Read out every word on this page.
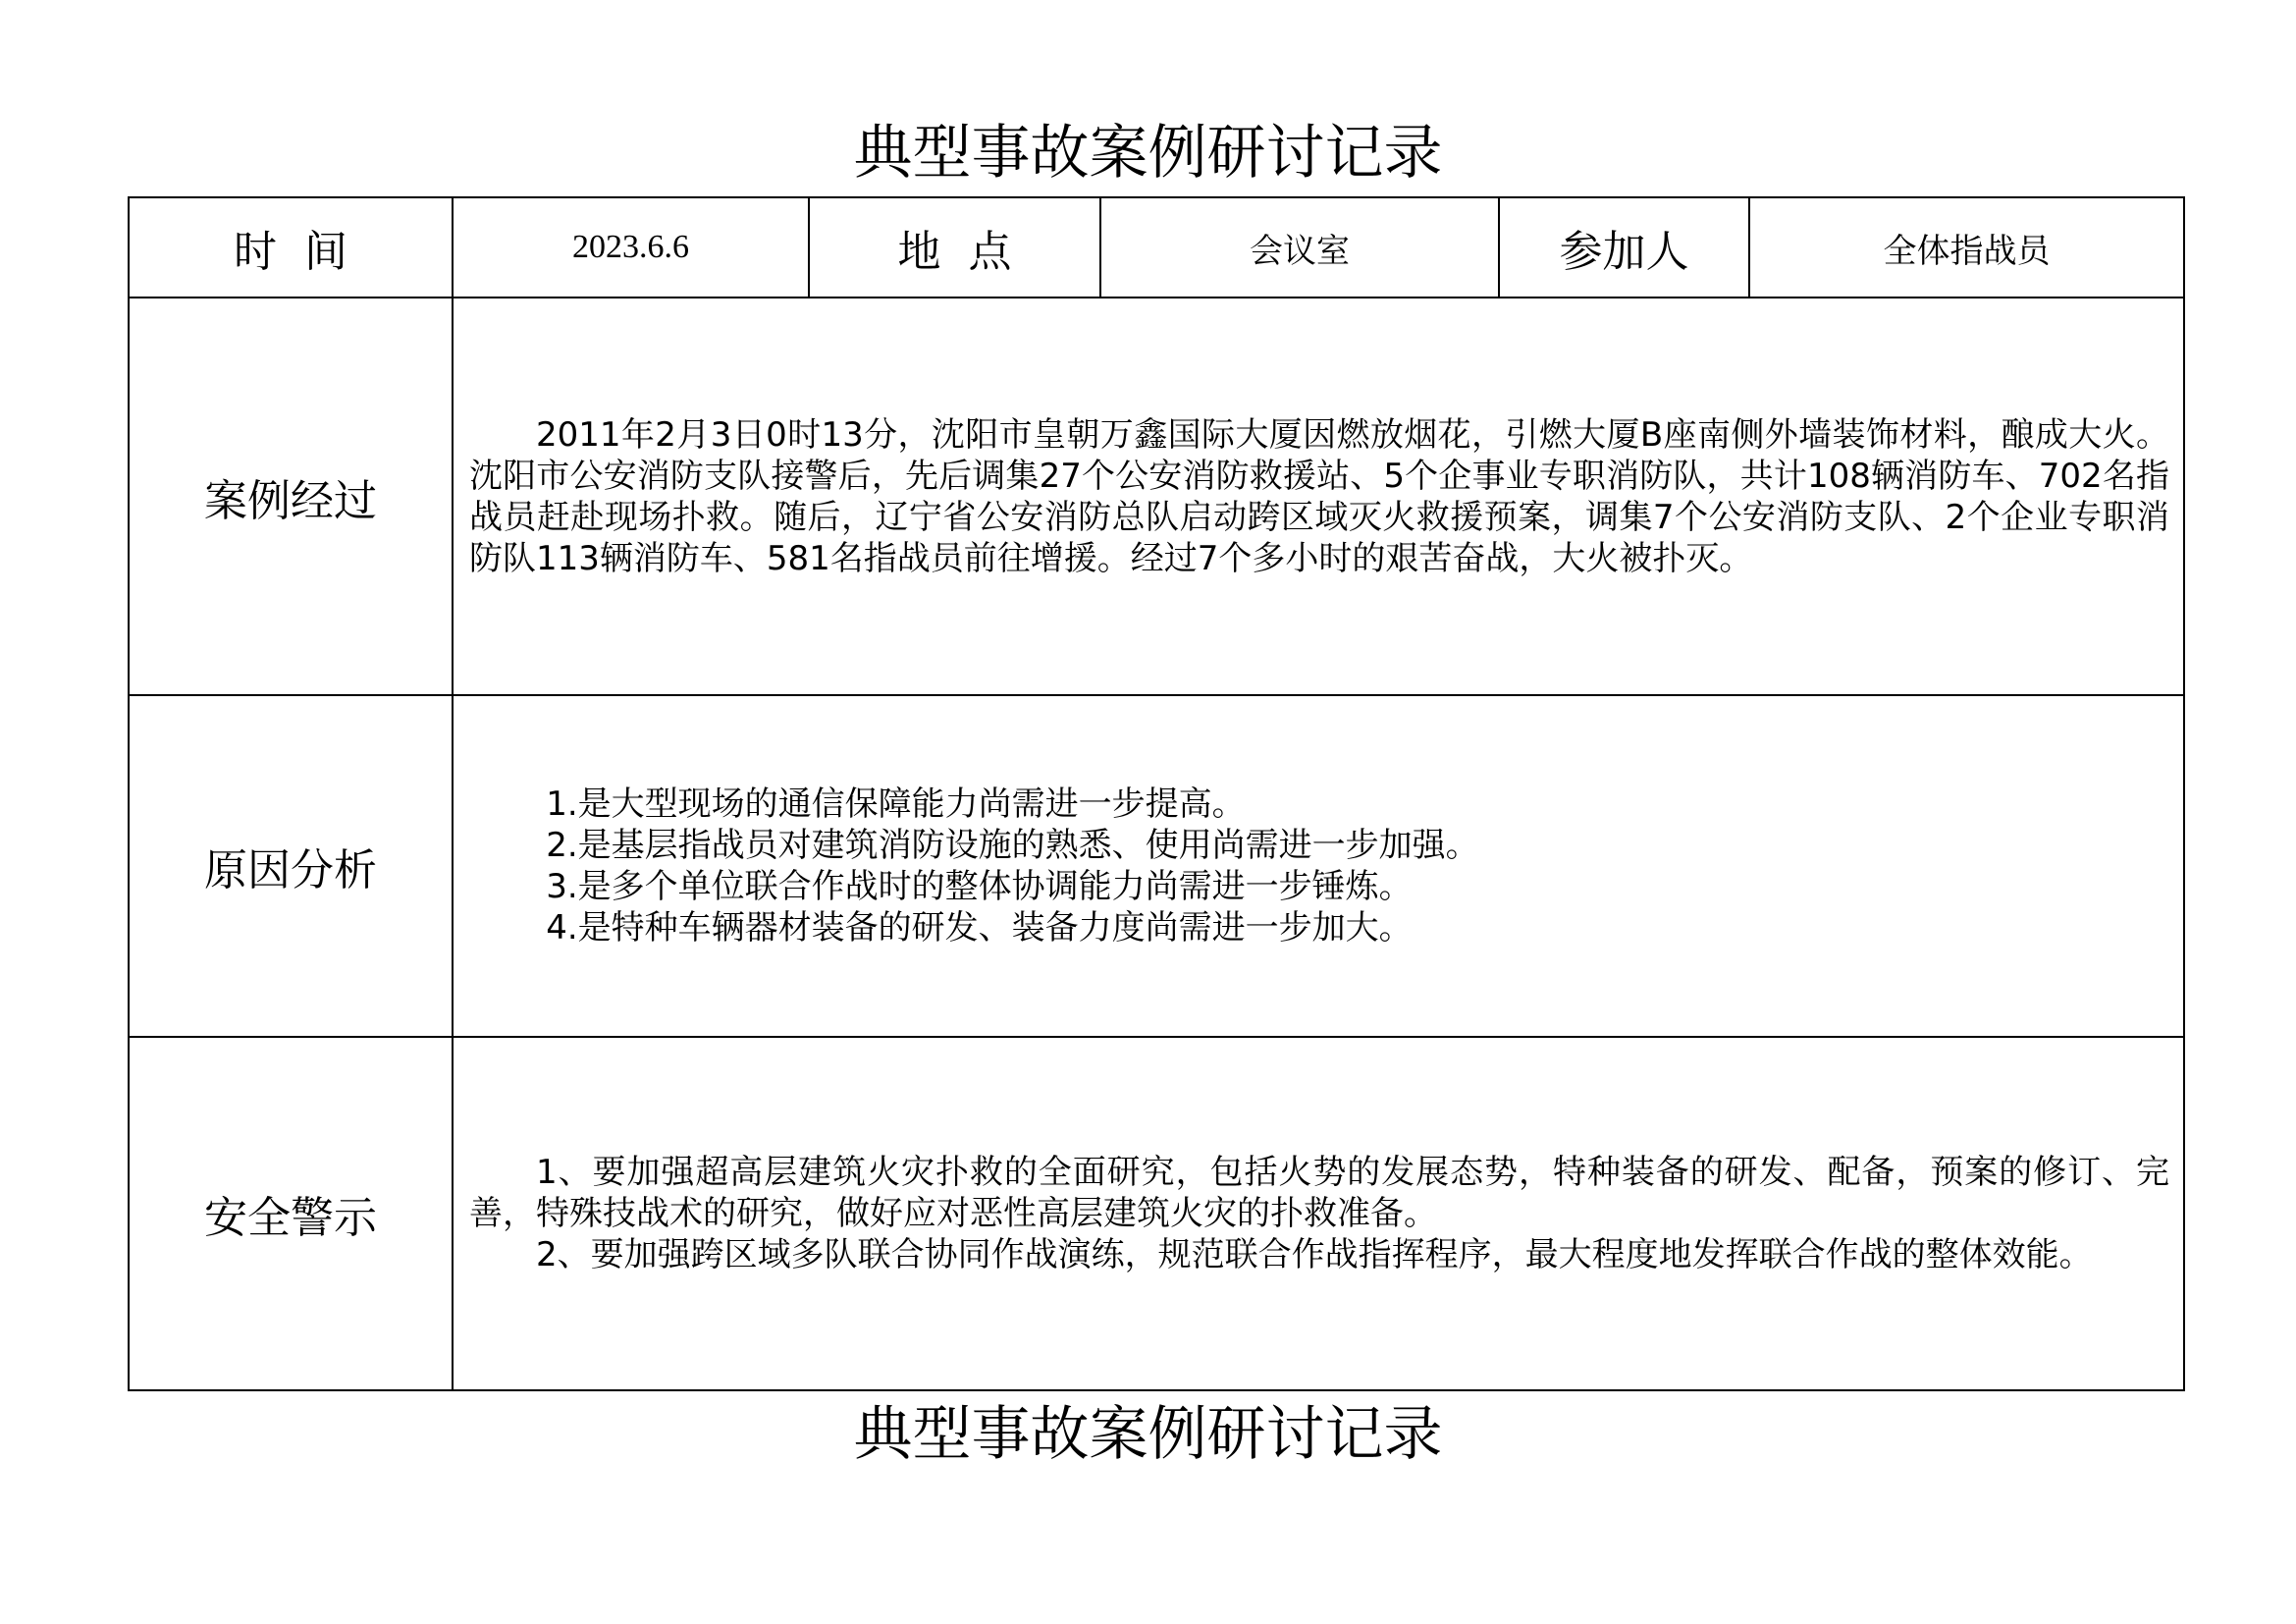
典型事故案例研讨记录
时  间	2023.6.6	地  点	会议室	参加人	全体指战员
案例经过	2011年2月3日0时13分，沈阳市皇朝万鑫国际大厦因燃放烟花，引燃大厦B座南侧外墙装饰材料，酿成大火。沈阳市公安消防支队接警后，先后调集27个公安消防救援站、5个企事业专职消防队，共计108辆消防车、702名指战员赶赴现场扑救。随后，辽宁省公安消防总队启动跨区域灭火救援预案，调集7个公安消防支队、2个企业专职消防队113辆消防车、581名指战员前往增援。经过7个多小时的艰苦奋战，大火被扑灭。				

原因分析	1.是大型现场的通信保障能力尚需进一步提高。

2.是基层指战员对建筑消防设施的熟悉、使用尚需进一步加强。

3.是多个单位联合作战时的整体协调能力尚需进一步锤炼。

4.是特种车辆器材装备的研发、装备力度尚需进一步加大。				

安全警示	1、要加强超高层建筑火灾扑救的全面研究，包括火势的发展态势，特种装备的研发、配备，预案的修订、完善，特殊技战术的研究，做好应对恶性高层建筑火灾的扑救准备。

2、要加强跨区域多队联合协同作战演练，规范联合作战指挥程序，最大程度地发挥联合作战的整体效能。				

典型事故案例研讨记录
